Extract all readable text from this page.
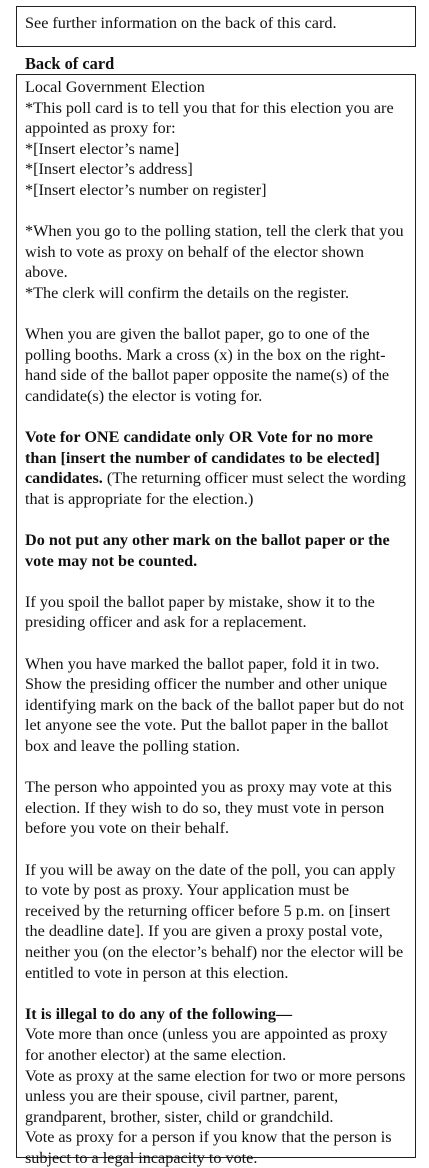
See further information on the back of this card.
Back of card
Local Government Election
*This poll card is to tell you that for this election you are appointed as proxy for:
*[Insert elector’s name]
*[Insert elector’s address]
*[Insert elector’s number on register]
*When you go to the polling station, tell the clerk that you wish to vote as proxy on behalf of the elector shown above.
*The clerk will confirm the details on the register.
When you are given the ballot paper, go to one of the polling booths. Mark a cross (x) in the box on the right-hand side of the ballot paper opposite the name(s) of the candidate(s) the elector is voting for.
Vote for ONE candidate only OR Vote for no more than [insert the number of candidates to be elected] candidates. (The returning officer must select the wording that is appropriate for the election.)
Do not put any other mark on the ballot paper or the vote may not be counted.
If you spoil the ballot paper by mistake, show it to the presiding officer and ask for a replacement.
When you have marked the ballot paper, fold it in two. Show the presiding officer the number and other unique identifying mark on the back of the ballot paper but do not let anyone see the vote. Put the ballot paper in the ballot box and leave the polling station.
The person who appointed you as proxy may vote at this election. If they wish to do so, they must vote in person before you vote on their behalf.
If you will be away on the date of the poll, you can apply to vote by post as proxy. Your application must be received by the returning officer before 5 p.m. on [insert the deadline date]. If you are given a proxy postal vote, neither you (on the elector’s behalf) nor the elector will be entitled to vote in person at this election.
It is illegal to do any of the following—
Vote more than once (unless you are appointed as proxy for another elector) at the same election.
Vote as proxy at the same election for two or more persons unless you are their spouse, civil partner, parent, grandparent, brother, sister, child or grandchild.
Vote as proxy for a person if you know that the person is subject to a legal incapacity to vote.
